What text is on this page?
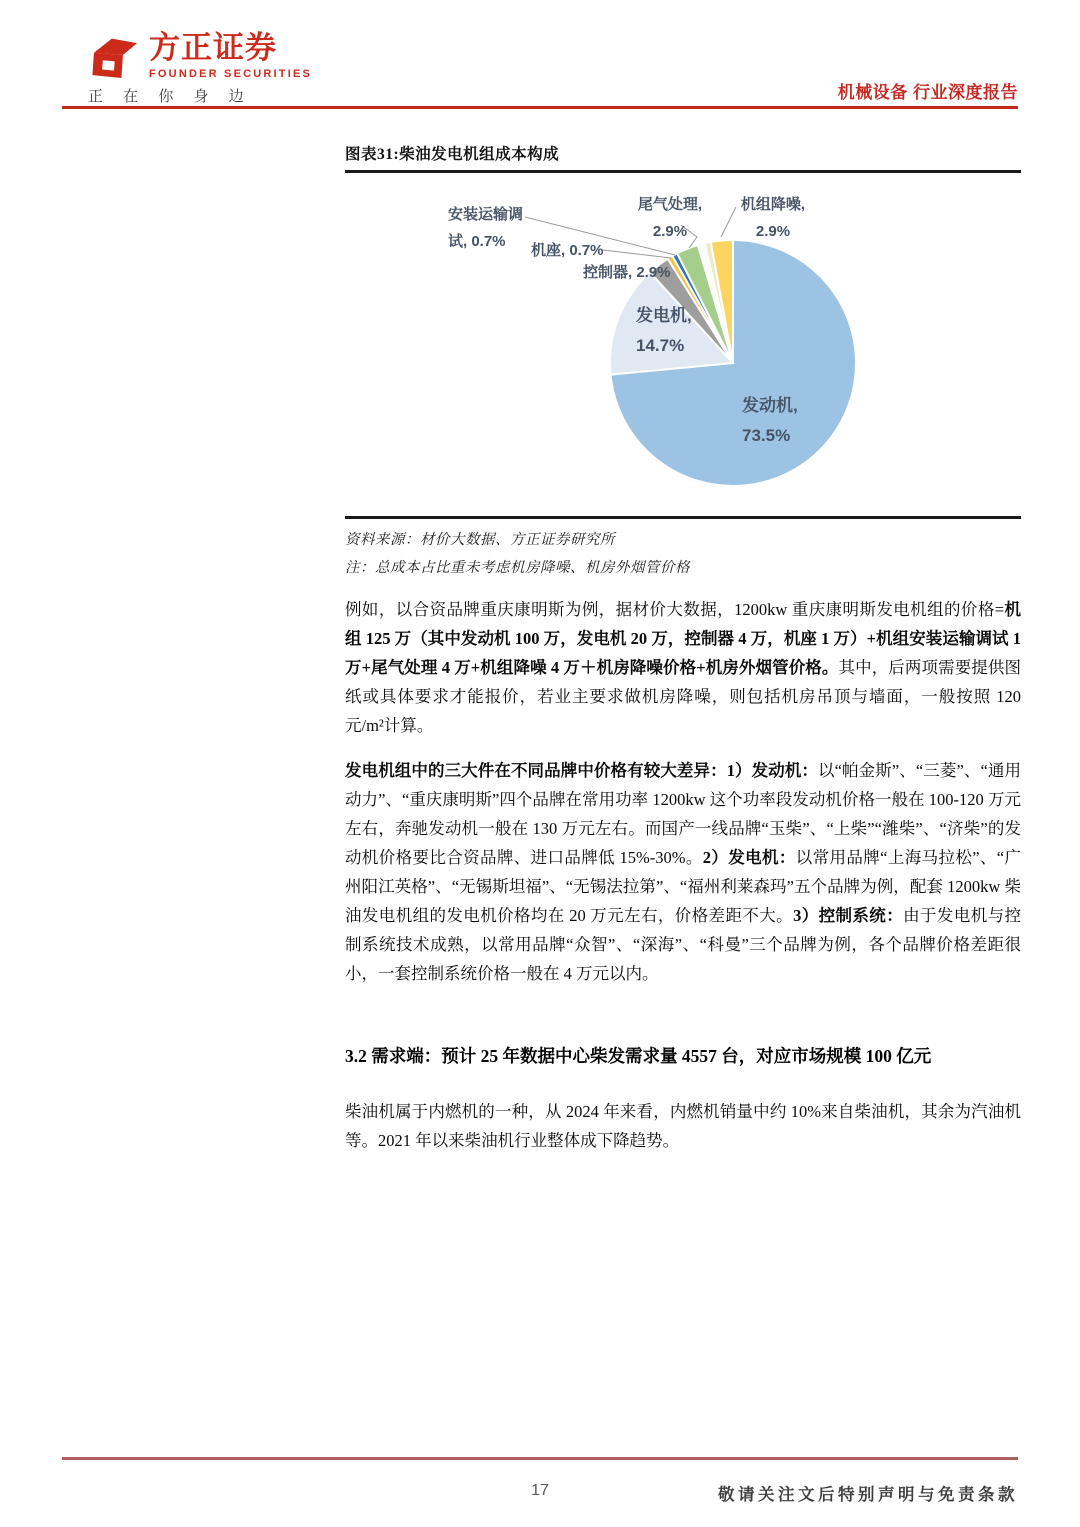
方正证券
FOUNDER SECURITIES
正 在 你 身 边	机械设备 行业深度报告
图表31:柴油发电机组成本构成
安装运输调试, 0.7%
机座, 0.7%
控制器, 2.9%
尾气处理, 2.9%
机组降噪, 2.9%
发电机, 14.7%
发动机, 73.5%
资料来源：材价大数据、方正证券研究所
注：总成本占比重未考虑机房降噪、机房外烟管价格

例如，以合资品牌重庆康明斯为例，据材价大数据，1200kw 重庆康明斯发电机组的价格=机组 125 万（其中发动机 100 万，发电机 20 万，控制器 4 万，机座 1 万）+机组安装运输调试 1 万+尾气处理 4 万+机组降噪 4 万＋机房降噪价格+机房外烟管价格。其中，后两项需要提供图纸或具体要求才能报价，若业主要求做机房降噪，则包括机房吊顶与墙面，一般按照 120 元/m²计算。

发电机组中的三大件在不同品牌中价格有较大差异：1）发动机：以“帕金斯”、“三菱”、“通用动力”、“重庆康明斯”四个品牌在常用功率 1200kw 这个功率段发动机价格一般在 100-120 万元左右，奔驰发动机一般在 130 万元左右。而国产一线品牌“玉柴”、“上柴”“潍柴”、“济柴”的发动机价格要比合资品牌、进口品牌低 15%-30%。2）发电机：以常用品牌“上海马拉松”、“广州阳江英格”、“无锡斯坦福”、“无锡法拉第”、“福州利莱森玛”五个品牌为例，配套 1200kw 柴油发电机组的发电机价格均在 20 万元左右，价格差距不大。3）控制系统：由于发电机与控制系统技术成熟，以常用品牌“众智”、“深海”、“科曼”三个品牌为例，各个品牌价格差距很小，一套控制系统价格一般在 4 万元以内。

3.2 需求端：预计 25 年数据中心柴发需求量 4557 台，对应市场规模 100 亿元

柴油机属于内燃机的一种，从 2024 年来看，内燃机销量中约 10%来自柴油机，其余为汽油机等。2021 年以来柴油机行业整体成下降趋势。

17	敬请关注文后特别声明与免责条款
